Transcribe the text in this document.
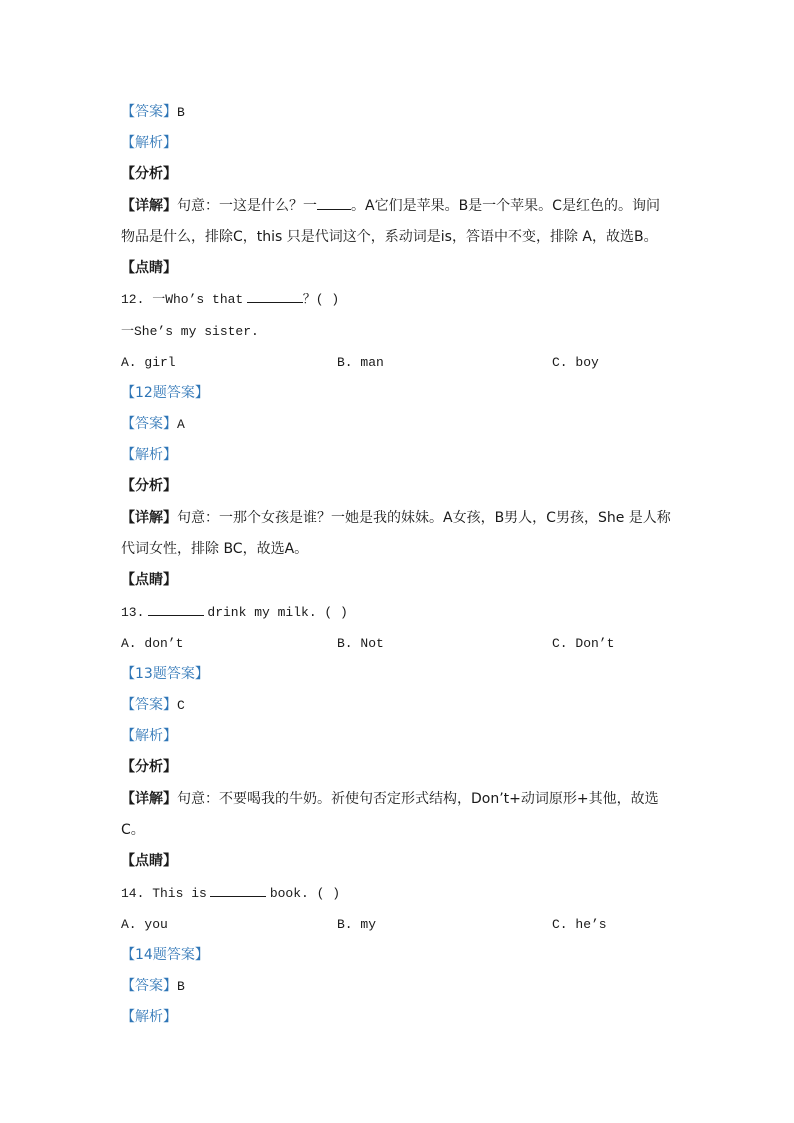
【答案】B
【解析】
【分析】
【详解】句意：一这是什么？一 。A它们是苹果。B是一个苹果。C是红色的。询问
物品是什么，排除C，this 只是代词这个，系动词是is，答语中不变，排除 A，故选B。
【点睛】
12. 一Who’s that	？( )
一She’s my sister.
A. girl	B. man	C. boy
【12题答案】
【答案】A
【解析】
【分析】
【详解】句意：一那个女孩是谁？一她是我的妹妹。A女孩，B男人，C男孩，She 是人称
代词女性，排除 BC，故选A。
【点睛】
13.	drink my milk. ( )
A. don’t	B. Not	C. Don’t
【13题答案】
【答案】C
【解析】
【分析】
【详解】句意：不要喝我的牛奶。祈使句否定形式结构，Don’t+动词原形+其他，故选
C。
【点睛】
14. This is	book. ( )
A. you	B. my	C. he’s
【14题答案】
【答案】B
【解析】
